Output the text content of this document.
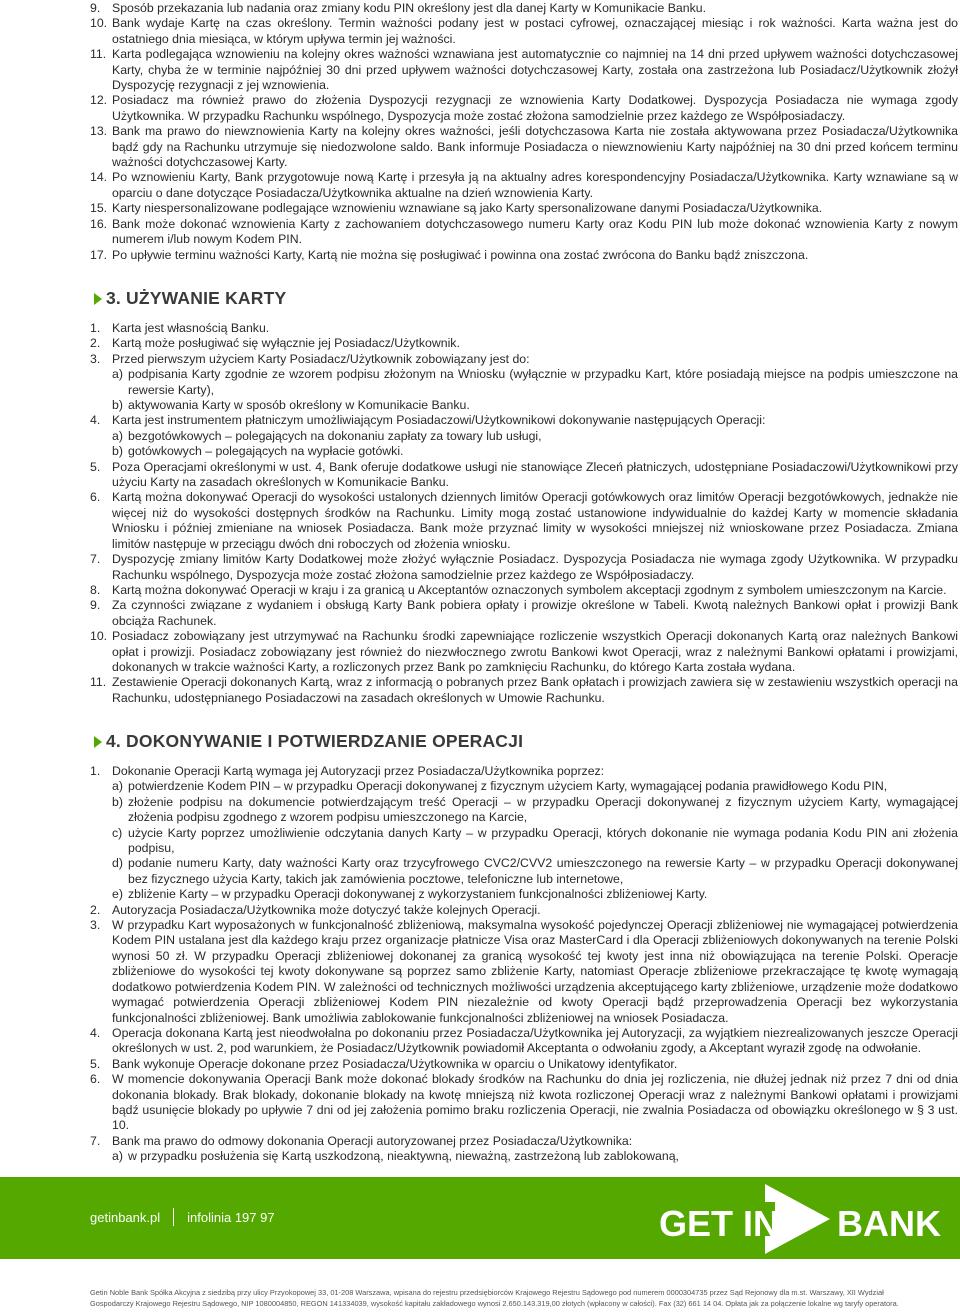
9. Sposób przekazania lub nadania oraz zmiany kodu PIN określony jest dla danej Karty w Komunikacie Banku.
10. Bank wydaje Kartę na czas określony. Termin ważności podany jest w postaci cyfrowej, oznaczającej miesiąc i rok ważności. Karta ważna jest do ostatniego dnia miesiąca, w którym upływa termin jej ważności.
11. Karta podlegająca wznowieniu na kolejny okres ważności wznawiana jest automatycznie co najmniej na 14 dni przed upływem ważności dotychczasowej Karty, chyba że w terminie najpóźniej 30 dni przed upływem ważności dotychczasowej Karty, została ona zastrzeżona lub Posiadacz/Użytkownik złożył Dyspozycję rezygnacji z jej wznowienia.
12. Posiadacz ma również prawo do złożenia Dyspozycji rezygnacji ze wznowienia Karty Dodatkowej. Dyspozycja Posiadacza nie wymaga zgody Użytkownika. W przypadku Rachunku wspólnego, Dyspozycja może zostać złożona samodzielnie przez każdego ze Współposiadaczy.
13. Bank ma prawo do niewznowienia Karty na kolejny okres ważności, jeśli dotychczasowa Karta nie została aktywowana przez Posiadacza/Użytkownika bądź gdy na Rachunku utrzymuje się niedozwolone saldo. Bank informuje Posiadacza o niewznowieniu Karty najpóźniej na 30 dni przed końcem terminu ważności dotychczasowej Karty.
14. Po wznowieniu Karty, Bank przygotowuje nową Kartę i przesyła ją na aktualny adres korespondencyjny Posiadacza/Użytkownika. Karty wznawiane są w oparciu o dane dotyczące Posiadacza/Użytkownika aktualne na dzień wznowienia Karty.
15. Karty niespersonalizowane podlegające wznowieniu wznawiane są jako Karty spersonalizowane danymi Posiadacza/Użytkownika.
16. Bank może dokonać wznowienia Karty z zachowaniem dotychczasowego numeru Karty oraz Kodu PIN lub może dokonać wznowienia Karty z nowym numerem i/lub nowym Kodem PIN.
17. Po upływie terminu ważności Karty, Kartą nie można się posługiwać i powinna ona zostać zwrócona do Banku bądź zniszczona.
3. UŻYWANIE KARTY
1. Karta jest własnością Banku.
2. Kartą może posługiwać się wyłącznie jej Posiadacz/Użytkownik.
3. Przed pierwszym użyciem Karty Posiadacz/Użytkownik zobowiązany jest do:
a) podpisania Karty zgodnie ze wzorem podpisu złożonym na Wniosku (wyłącznie w przypadku Kart, które posiadają miejsce na podpis umieszczone na rewersie Karty),
b) aktywowania Karty w sposób określony w Komunikacie Banku.
4. Karta jest instrumentem płatniczym umożliwiającym Posiadaczowi/Użytkownikowi dokonywanie następujących Operacji:
a) bezgotówkowych – polegających na dokonaniu zapłaty za towary lub usługi,
b) gotówkowych – polegających na wypłacie gotówki.
5. Poza Operacjami określonymi w ust. 4, Bank oferuje dodatkowe usługi nie stanowiące Zleceń płatniczych, udostępniane Posiadaczowi/Użytkownikowi przy użyciu Karty na zasadach określonych w Komunikacie Banku.
6. Kartą można dokonywać Operacji do wysokości ustalonych dziennych limitów Operacji gotówkowych oraz limitów Operacji bezgotówkowych, jednakże nie więcej niż do wysokości dostępnych środków na Rachunku. Limity mogą zostać ustanowione indywidualnie do każdej Karty w momencie składania Wniosku i później zmieniane na wniosek Posiadacza. Bank może przyznać limity w wysokości mniejszej niż wnioskowane przez Posiadacza. Zmiana limitów następuje w przeciągu dwóch dni roboczych od złożenia wniosku.
7. Dyspozycję zmiany limitów Karty Dodatkowej może złożyć wyłącznie Posiadacz. Dyspozycja Posiadacza nie wymaga zgody Użytkownika. W przypadku Rachunku wspólnego, Dyspozycja może zostać złożona samodzielnie przez każdego ze Współposiadaczy.
8. Kartą można dokonywać Operacji w kraju i za granicą u Akceptantów oznaczonych symbolem akceptacji zgodnym z symbolem umieszczonym na Karcie.
9. Za czynności związane z wydaniem i obsługą Karty Bank pobiera opłaty i prowizje określone w Tabeli. Kwotą należnych Bankowi opłat i prowizji Bank obciąża Rachunek.
10. Posiadacz zobowiązany jest utrzymywać na Rachunku środki zapewniające rozliczenie wszystkich Operacji dokonanych Kartą oraz należnych Bankowi opłat i prowizji. Posiadacz zobowiązany jest również do niezwłocznego zwrotu Bankowi kwot Operacji, wraz z należnymi Bankowi opłatami i prowizjami, dokonanych w trakcie ważności Karty, a rozliczonych przez Bank po zamknięciu Rachunku, do którego Karta została wydana.
11. Zestawienie Operacji dokonanych Kartą, wraz z informacją o pobranych przez Bank opłatach i prowizjach zawiera się w zestawieniu wszystkich operacji na Rachunku, udostępnianego Posiadaczowi na zasadach określonych w Umowie Rachunku.
4. DOKONYWANIE I POTWIERDZANIE OPERACJI
1. Dokonanie Operacji Kartą wymaga jej Autoryzacji przez Posiadacza/Użytkownika poprzez:
a) potwierdzenie Kodem PIN – w przypadku Operacji dokonywanej z fizycznym użyciem Karty, wymagającej podania prawidłowego Kodu PIN,
b) złożenie podpisu na dokumencie potwierdzającym treść Operacji – w przypadku Operacji dokonywanej z fizycznym użyciem Karty, wymagającej złożenia podpisu zgodnego z wzorem podpisu umieszczonego na Karcie,
c) użycie Karty poprzez umożliwienie odczytania danych Karty – w przypadku Operacji, których dokonanie nie wymaga podania Kodu PIN ani złożenia podpisu,
d) podanie numeru Karty, daty ważności Karty oraz trzycyfrowego CVC2/CVV2 umieszczonego na rewersie Karty – w przypadku Operacji dokonywanej bez fizycznego użycia Karty, takich jak zamówienia pocztowe, telefoniczne lub internetowe,
e) zbliżenie Karty – w przypadku Operacji dokonywanej z wykorzystaniem funkcjonalności zbliżeniowej Karty.
2. Autoryzacja Posiadacza/Użytkownika może dotyczyć także kolejnych Operacji.
3. W przypadku Kart wyposażonych w funkcjonalność zbliżeniową, maksymalna wysokość pojedynczej Operacji zbliżeniowej nie wymagającej potwierdzenia Kodem PIN ustalana jest dla każdego kraju przez organizacje płatnicze Visa oraz MasterCard i dla Operacji zbliżeniowych dokonywanych na terenie Polski wynosi 50 zł. W przypadku Operacji zbliżeniowej dokonanej za granicą wysokość tej kwoty jest inna niż obowiązująca na terenie Polski. Operacje zbliżeniowe do wysokości tej kwoty dokonywane są poprzez samo zbliżenie Karty, natomiast Operacje zbliżeniowe przekraczające tę kwotę wymagają dodatkowo potwierdzenia Kodem PIN. W zależności od technicznych możliwości urządzenia akceptującego karty zbliżeniowe, urządzenie może dodatkowo wymagać potwierdzenia Operacji zbliżeniowej Kodem PIN niezależnie od kwoty Operacji bądź przeprowadzenia Operacji bez wykorzystania funkcjonalności zbliżeniowej. Bank umożliwia zablokowanie funkcjonalności zbliżeniowej na wniosek Posiadacza.
4. Operacja dokonana Kartą jest nieodwołalna po dokonaniu przez Posiadacza/Użytkownika jej Autoryzacji, za wyjątkiem niezrealizowanych jeszcze Operacji określonych w ust. 2, pod warunkiem, że Posiadacz/Użytkownik powiadomił Akceptanta o odwołaniu zgody, a Akceptant wyraził zgodę na odwołanie.
5. Bank wykonuje Operacje dokonane przez Posiadacza/Użytkownika w oparciu o Unikatowy identyfikator.
6. W momencie dokonywania Operacji Bank może dokonać blokady środków na Rachunku do dnia jej rozliczenia, nie dłużej jednak niż przez 7 dni od dnia dokonania blokady. Brak blokady, dokonanie blokady na kwotę mniejszą niż kwota rozliczonej Operacji wraz z należnymi Bankowi opłatami i prowizjami bądź usunięcie blokady po upływie 7 dni od jej założenia pomimo braku rozliczenia Operacji, nie zwalnia Posiadacza od obowiązku określonego w § 3 ust. 10.
7. Bank ma prawo do odmowy dokonania Operacji autoryzowanej przez Posiadacza/Użytkownika:
a) w przypadku posłużenia się Kartą uszkodzoną, nieaktywną, nieważną, zastrzeżoną lub zablokowaną,
getinbank.pl infolinia 197 97	GET IN BANK
Getin Noble Bank Spółka Akcyjna z siedzibą przy ulicy Przyokopowej 33, 01-208 Warszawa, wpisana do rejestru przedsiębiorców Krajowego Rejestru Sądowego pod numerem 0000304735 przez Sąd Rejonowy dla m.st. Warszawy, XII Wydział
Gospodarczy Krajowego Rejestru Sądowego, NIP 1080004850, REGON 141334039, wysokość kapitału zakładowego wynosi 2.650.143.319,00 złotych (wpłacony w całości). Fax (32) 661 14 04. Opłata jak za połączenie lokalne wg taryfy operatora.
